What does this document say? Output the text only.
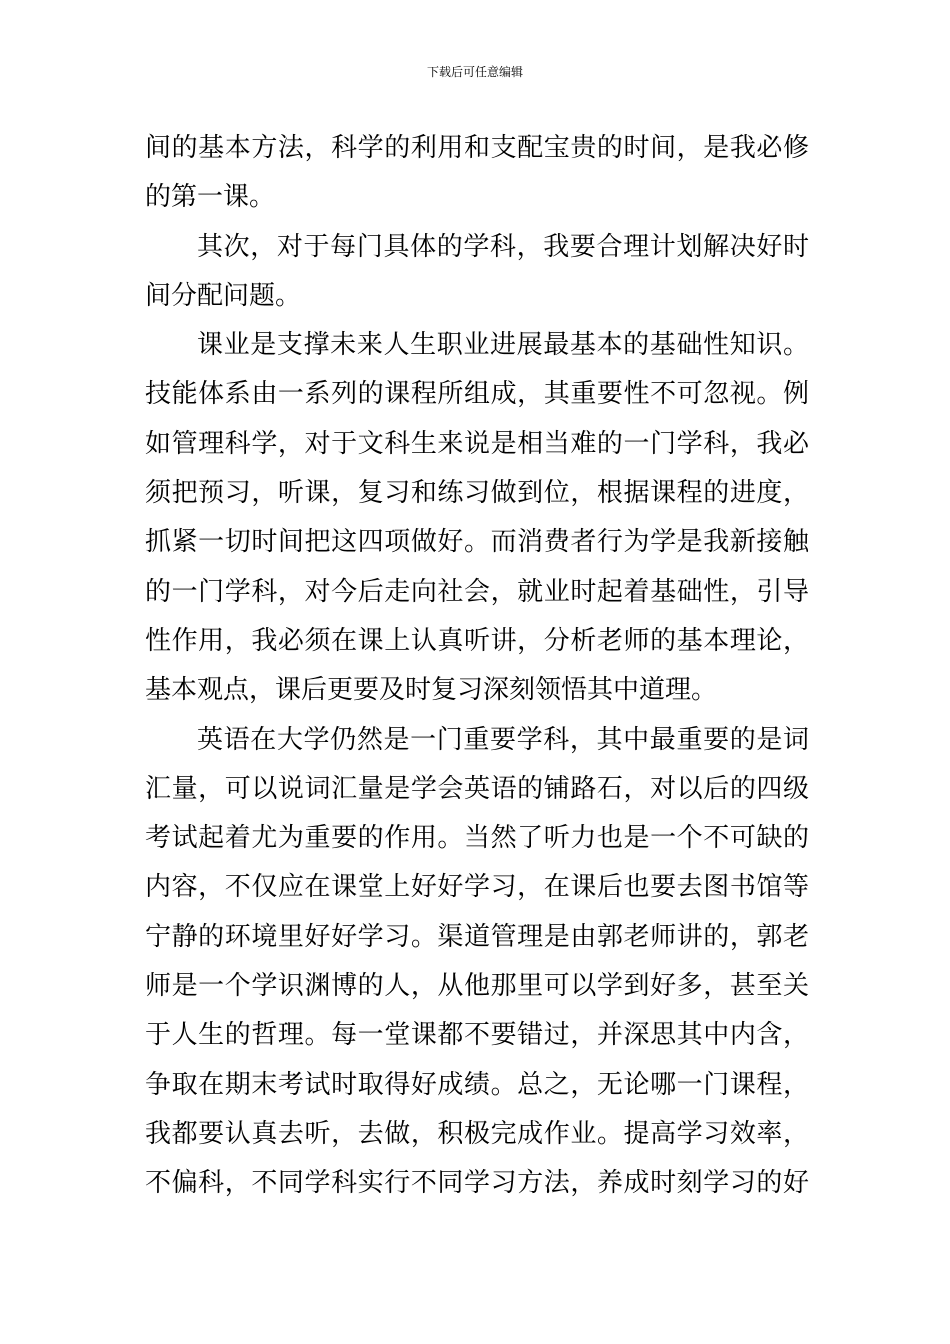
下载后可任意编辑
间的基本方法，科学的利用和支配宝贵的时间，是我必修
的第一课。
其次，对于每门具体的学科，我要合理计划解决好时
间分配问题。
课业是支撑未来人生职业进展最基本的基础性知识。
技能体系由一系列的课程所组成，其重要性不可忽视。例
如管理科学，对于文科生来说是相当难的一门学科，我必
须把预习，听课，复习和练习做到位，根据课程的进度，
抓紧一切时间把这四项做好。而消费者行为学是我新接触
的一门学科，对今后走向社会，就业时起着基础性，引导
性作用，我必须在课上认真听讲，分析老师的基本理论，
基本观点，课后更要及时复习深刻领悟其中道理。
英语在大学仍然是一门重要学科，其中最重要的是词
汇量，可以说词汇量是学会英语的铺路石，对以后的四级
考试起着尤为重要的作用。当然了听力也是一个不可缺的
内容，不仅应在课堂上好好学习，在课后也要去图书馆等
宁静的环境里好好学习。渠道管理是由郭老师讲的，郭老
师是一个学识渊博的人，从他那里可以学到好多，甚至关
于人生的哲理。每一堂课都不要错过，并深思其中内含，
争取在期末考试时取得好成绩。总之，无论哪一门课程，
我都要认真去听，去做，积极完成作业。提高学习效率，
不偏科，不同学科实行不同学习方法，养成时刻学习的好
